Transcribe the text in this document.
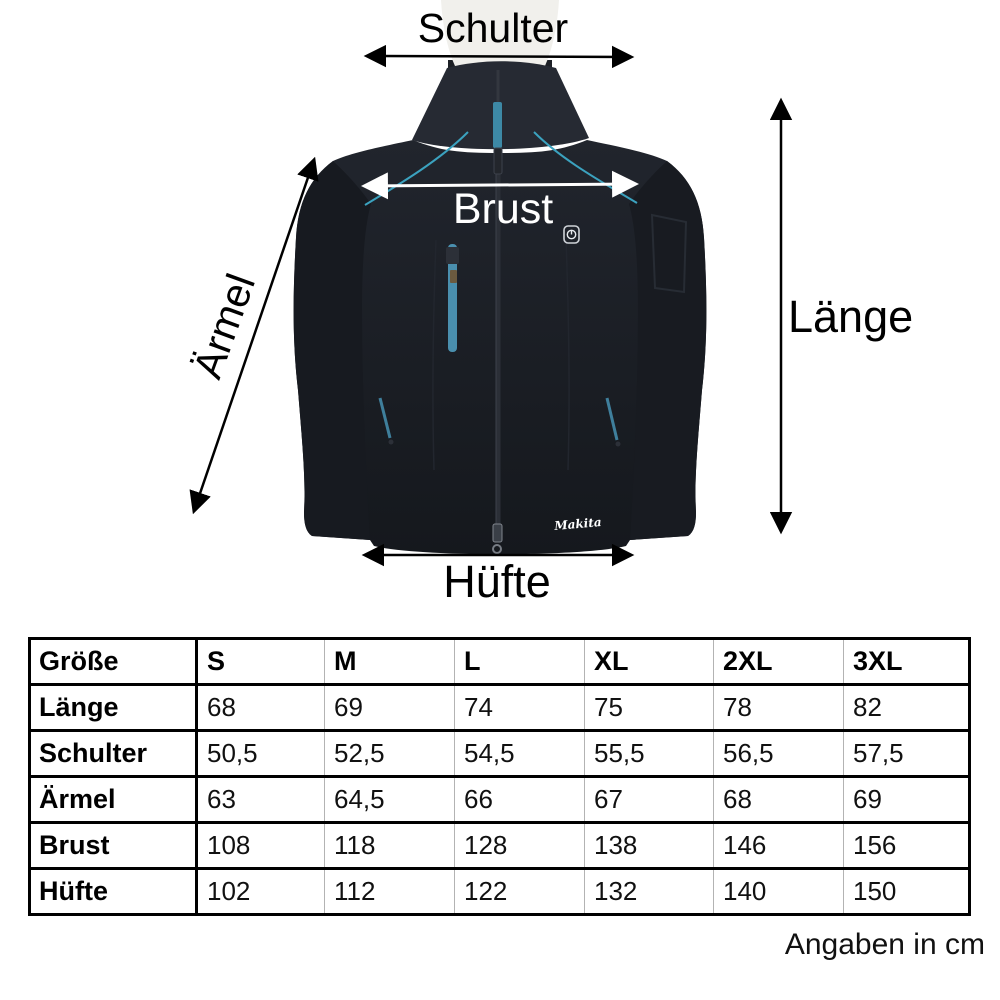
Schulter
Brust
Ärmel	Länge
Hüfte
Makita
Größe	S	M	L	XL	2XL	3XL
Länge	68	69	74	75	78	82
Schulter	50,5	52,5	54,5	55,5	56,5	57,5
Ärmel	63	64,5	66	67	68	69
Brust	108	118	128	138	146	156
Hüfte	102	112	122	132	140	150
Angaben in cm
